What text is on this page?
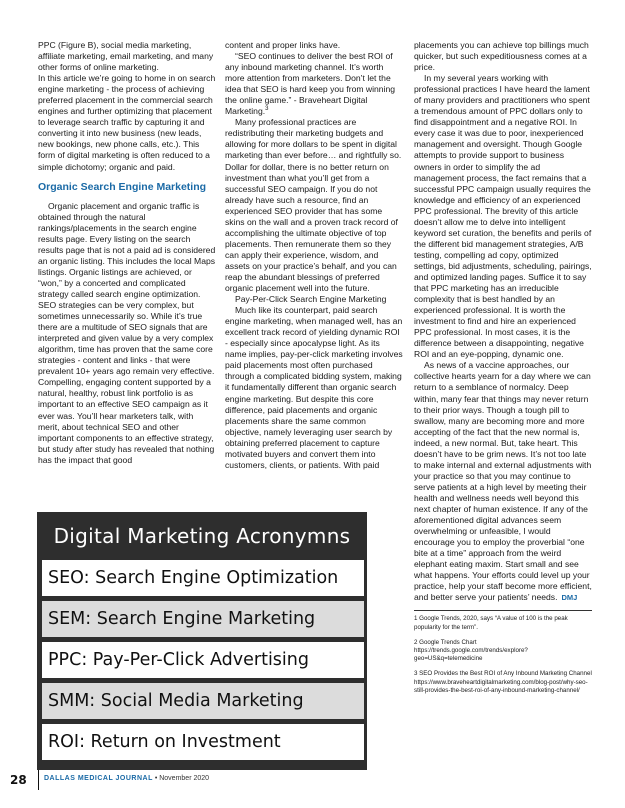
PPC (Figure B), social media marketing, affiliate marketing, email marketing, and many other forms of online marketing.

In this article we’re going to home in on search engine marketing - the process of achieving preferred placement in the commercial search engines and further optimizing that placement to leverage search traffic by capturing it and converting it into new business (new leads, new bookings, new phone calls, etc.). This form of digital marketing is often reduced to a simple dichotomy; organic and paid.

Organic Search Engine Marketing

Organic placement and organic traffic is obtained through the natural rankings/placements in the search engine results page. Every listing on the search results page that is not a paid ad is considered an organic listing. This includes the local Maps listings. Organic listings are achieved, or “won,” by a concerted and complicated strategy called search engine optimization. SEO strategies can be very complex, but sometimes unnecessarily so. While it’s true there are a multitude of SEO signals that are interpreted and given value by a very complex algorithm, time has proven that the same core strategies - content and links - that were prevalent 10+ years ago remain very effective. Compelling, engaging content supported by a natural, healthy, robust link portfolio is as important to an effective SEO campaign as it ever was. You’ll hear marketers talk, with merit, about technical SEO and other important components to an effective strategy, but study after study has revealed that nothing has the impact that good

content and proper links have.

“SEO continues to deliver the best ROI of any inbound marketing channel. It’s worth more attention from marketers. Don’t let the idea that SEO is hard keep you from winning the online game.” - Braveheart Digital Marketing.$^3$

Many professional practices are redistributing their marketing budgets and allowing for more dollars to be spent in digital marketing than ever before… and rightfully so. Dollar for dollar, there is no better return on investment than what you’ll get from a successful SEO campaign. If you do not already have such a resource, find an experienced SEO provider that has some skins on the wall and a proven track record of accomplishing the ultimate objective of top placements. Then remunerate them so they can apply their experience, wisdom, and assets on your practice’s behalf, and you can reap the abundant blessings of preferred organic placement well into the future.

Pay-Per-Click Search Engine Marketing

Much like its counterpart, paid search engine marketing, when managed well, has an excellent track record of yielding dynamic ROI - especially since apocalypse light. As its name implies, pay-per-click marketing involves paid placements most often purchased through a complicated bidding system, making it fundamentally different than organic search engine marketing. But despite this core difference, paid placements and organic placements share the same common objective, namely leveraging user search by obtaining preferred placement to capture motivated buyers and convert them into customers, clients, or patients. With paid

placements you can achieve top billings much quicker, but such expeditiousness comes at a price.

In my several years working with professional practices I have heard the lament of many providers and practitioners who spent a tremendous amount of PPC dollars only to find disappointment and a negative ROI. In every case it was due to poor, inexperienced management and oversight. Though Google attempts to provide support to business owners in order to simplify the ad management process, the fact remains that a successful PPC campaign usually requires the knowledge and efficiency of an experienced PPC professional. The brevity of this article doesn’t allow me to delve into intelligent keyword set curation, the benefits and perils of the different bid management strategies, A/B testing, compelling ad copy, optimized settings, bid adjustments, scheduling, pairings, and optimized landing pages. Suffice it to say that PPC marketing has an irreducible complexity that is best handled by an experienced professional. It is worth the investment to find and hire an experienced PPC professional. In most cases, it is the difference between a disappointing, negative ROI and an eye-popping, dynamic one.

As news of a vaccine approaches, our collective hearts yearn for a day where we can return to a semblance of normalcy. Deep within, many fear that things may never return to their prior ways. Though a tough pill to swallow, many are becoming more and more accepting of the fact that the new normal is, indeed, a new normal. But, take heart. This doesn’t have to be grim news. It’s not too late to make internal and external adjustments with your practice so that you may continue to serve patients at a high level by meeting their health and wellness needs well beyond this next chapter of human existence. If any of the aforementioned digital advances seem overwhelming or unfeasible, I would encourage you to employ the proverbial “one bite at a time” approach from the weird elephant eating maxim. Start small and see what happens. Your efforts could level up your practice, help your staff become more efficient, and better serve your patients’ needs. DMJ

1 Google Trends, 2020, says “A value of 100 is the peak popularity for the term”.

2 Google Trends Chart https://trends.google.com/trends/explore?geo=US&q=telemedicine

3 SEO Provides the Best ROI of Any Inbound Marketing Channel https://www.braveheartdigitalmarketing.com/blog-post/why-seo-still-provides-the-best-roi-of-any-inbound-marketing-channel/

Digital Marketing Acronymns
SEO: Search Engine Optimization
SEM: Search Engine Marketing
PPC: Pay-Per-Click Advertising
SMM: Social Media Marketing
ROI: Return on Investment
28 DALLAS MEDICAL JOURNAL • November 2020
